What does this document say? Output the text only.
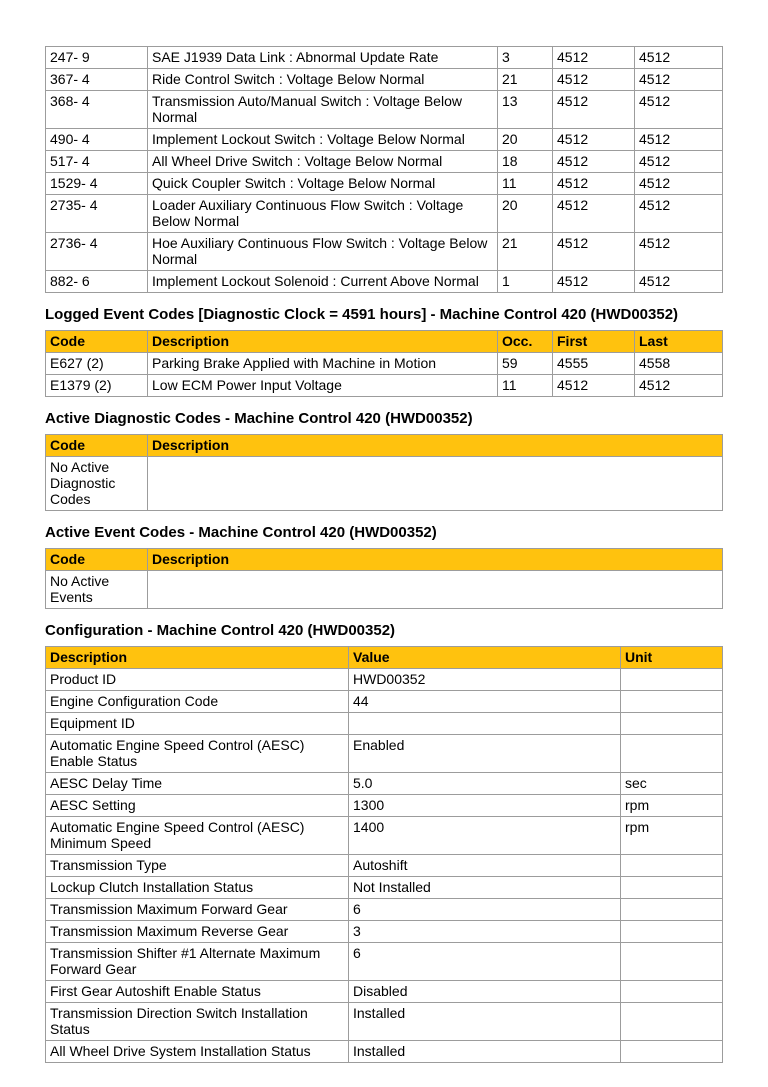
247- 9	SAE J1939 Data Link : Abnormal Update Rate	3	4512	4512
367- 4	Ride Control Switch : Voltage Below Normal	21	4512	4512
368- 4	Transmission Auto/Manual Switch : Voltage Below Normal	13	4512	4512
490- 4	Implement Lockout Switch : Voltage Below Normal	20	4512	4512
517- 4	All Wheel Drive Switch : Voltage Below Normal	18	4512	4512
1529- 4	Quick Coupler Switch : Voltage Below Normal	11	4512	4512
2735- 4	Loader Auxiliary Continuous Flow Switch : Voltage Below Normal	20	4512	4512
2736- 4	Hoe Auxiliary Continuous Flow Switch : Voltage Below Normal	21	4512	4512
882- 6	Implement Lockout Solenoid : Current Above Normal	1	4512	4512
Logged Event Codes [Diagnostic Clock = 4591 hours] - Machine Control 420 (HWD00352)
Code	Description	Occ.	First	Last
E627 (2)	Parking Brake Applied with Machine in Motion	59	4555	4558
E1379 (2)	Low ECM Power Input Voltage	11	4512	4512
Active Diagnostic Codes - Machine Control 420 (HWD00352)
Code	Description
No Active Diagnostic Codes	
Active Event Codes - Machine Control 420 (HWD00352)
Code	Description
No Active Events	
Configuration - Machine Control 420 (HWD00352)
Description	Value	Unit
Product ID	HWD00352	
Engine Configuration Code	44	
Equipment ID		
Automatic Engine Speed Control (AESC) Enable Status	Enabled	
AESC Delay Time	5.0	sec
AESC Setting	1300	rpm
Automatic Engine Speed Control (AESC) Minimum Speed	1400	rpm
Transmission Type	Autoshift	
Lockup Clutch Installation Status	Not Installed	
Transmission Maximum Forward Gear	6	
Transmission Maximum Reverse Gear	3	
Transmission Shifter #1 Alternate Maximum Forward Gear	6	
First Gear Autoshift Enable Status	Disabled	
Transmission Direction Switch Installation Status	Installed	
All Wheel Drive System Installation Status	Installed	
